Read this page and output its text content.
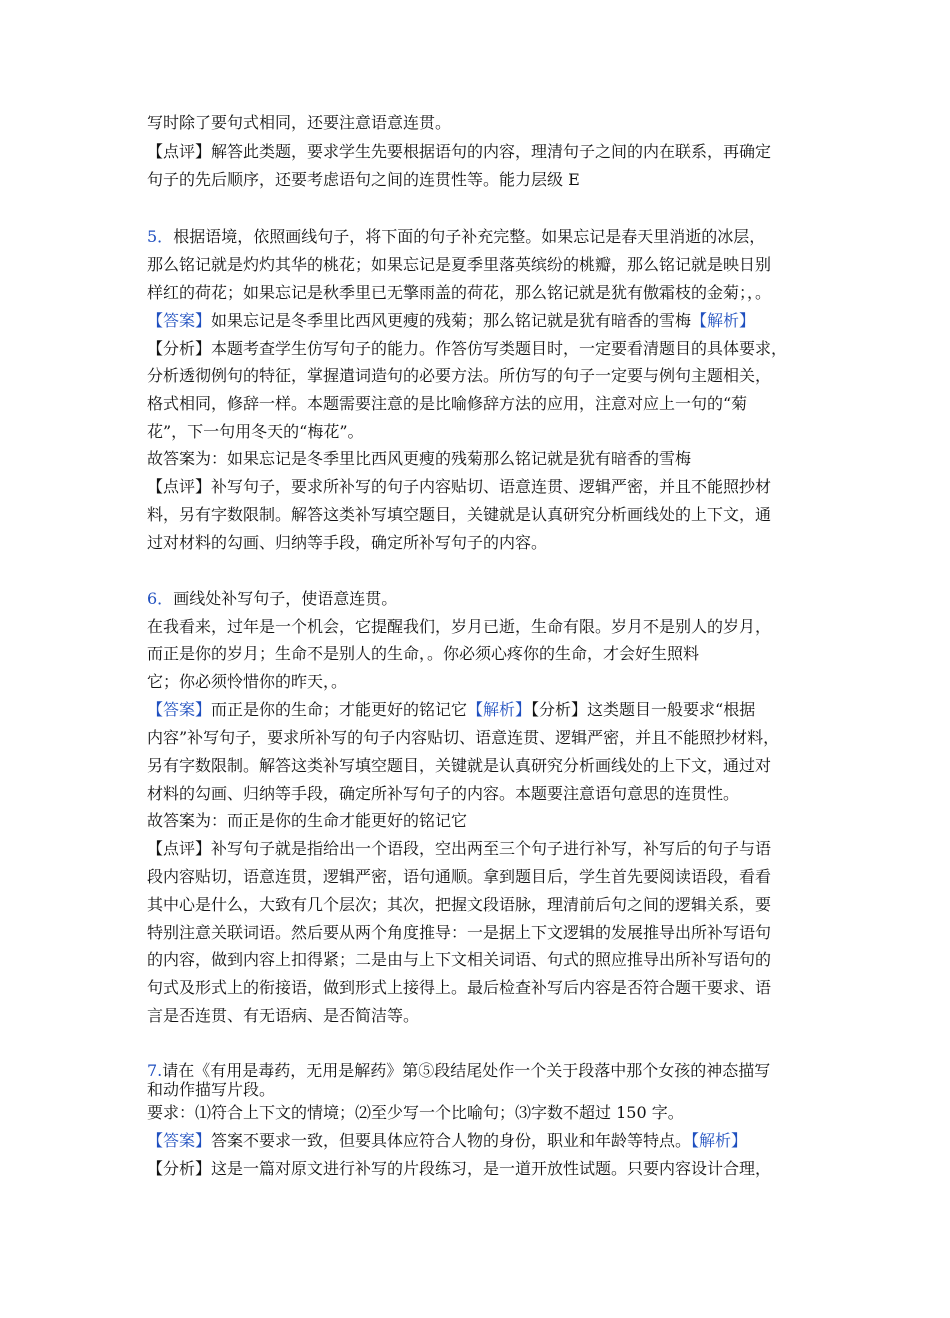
写时除了要句式相同，还要注意语意连贯。
【点评】解答此类题，要求学生先要根据语句的内容，理清句子之间的内在联系，再确定
句子的先后顺序，还要考虑语句之间的连贯性等。能力层级 E
5．根据语境，依照画线句子，将下面的句子补充完整。如果忘记是春天里消逝的冰层，
那么铭记就是灼灼其华的桃花；如果忘记是夏季里落英缤纷的桃瓣，那么铭记就是映日别
样红的荷花；如果忘记是秋季里已无擎雨盖的荷花，那么铭记就是犹有傲霜枝的金菊；，。
【答案】如果忘记是冬季里比西风更瘦的残菊；那么铭记就是犹有暗香的雪梅【解析】
【分析】本题考查学生仿写句子的能力。作答仿写类题目时，一定要看清题目的具体要求，
分析透彻例句的特征，掌握遣词造句的必要方法。所仿写的句子一定要与例句主题相关，
格式相同，修辞一样。本题需要注意的是比喻修辞方法的应用，注意对应上一句的“菊
花”，下一句用冬天的“梅花”。
故答案为：如果忘记是冬季里比西风更瘦的残菊那么铭记就是犹有暗香的雪梅
【点评】补写句子，要求所补写的句子内容贴切、语意连贯、逻辑严密，并且不能照抄材
料，另有字数限制。解答这类补写填空题目，关键就是认真研究分析画线处的上下文，通
过对材料的勾画、归纳等手段，确定所补写句子的内容。
6．画线处补写句子，使语意连贯。
在我看来，过年是一个机会，它提醒我们，岁月已逝，生命有限。岁月不是别人的岁月，
而正是你的岁月；生命不是别人的生命，。你必须心疼你的生命，才会好生照料
它；你必须怜惜你的昨天，。
【答案】而正是你的生命；才能更好的铭记它【解析】【分析】这类题目一般要求“根据
内容”补写句子，要求所补写的句子内容贴切、语意连贯、逻辑严密，并且不能照抄材料，
另有字数限制。解答这类补写填空题目，关键就是认真研究分析画线处的上下文，通过对
材料的勾画、归纳等手段，确定所补写句子的内容。本题要注意语句意思的连贯性。
故答案为：而正是你的生命才能更好的铭记它
【点评】补写句子就是指给出一个语段，空出两至三个句子进行补写，补写后的句子与语
段内容贴切，语意连贯，逻辑严密，语句通顺。拿到题目后，学生首先要阅读语段，看看
其中心是什么，大致有几个层次；其次，把握文段语脉，理清前后句之间的逻辑关系，要
特别注意关联词语。然后要从两个角度推导：一是据上下文逻辑的发展推导出所补写语句
的内容，做到内容上扣得紧；二是由与上下文相关词语、句式的照应推导出所补写语句的
句式及形式上的衔接语，做到形式上接得上。最后检查补写后内容是否符合题干要求、语
言是否连贯、有无语病、是否简洁等。
7.请在《有用是毒药，无用是解药》第⑤段结尾处作一个关于段落中那个女孩的神态描写
和动作描写片段。
要求：⑴符合上下文的情境；⑵至少写一个比喻句；⑶字数不超过 150 字。
【答案】答案不要求一致，但要具体应符合人物的身份，职业和年龄等特点。【解析】
【分析】这是一篇对原文进行补写的片段练习，是一道开放性试题。只要内容设计合理，
